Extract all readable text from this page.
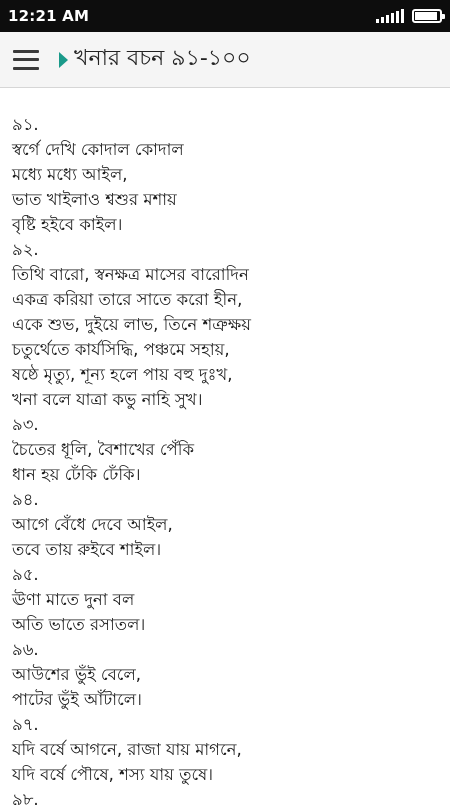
12:21 AM
খনার বচন ৯১-১০০
৯১.
স্বর্গে দেখি কোদাল কোদাল
মধ্যে মধ্যে আইল,
ভাত খাইলাও শ্বশুর মশায়
বৃষ্টি হইবে কাইল।
৯২.
তিথি বারো, স্বনক্ষত্র মাসের বারোদিন
একত্র করিয়া তারে সাতে করো হীন,
একে শুভ, দুইয়ে লাভ, তিনে শত্রুক্ষয়
চতুর্থেতে কার্যসিদ্ধি, পঞ্চমে সহায়,
ষষ্ঠে মৃত্যু, শূন্য হলে পায় বহু দুঃখ,
খনা বলে যাত্রা কভু নাহি সুখ।
৯৩.
চৈতের ধূলি, বৈশাখের পেঁকি
ধান হয় ঢেঁকি ঢেঁকি।
৯৪.
আগে বেঁধে দেবে আইল,
তবে তায় রুইবে শাইল।
৯৫.
ঊণা মাতে দুনা বল
অতি ভাতে রসাতল।
৯৬.
আউশের ভুঁই বেলে,
পাটের ভুঁই আঁটালে।
৯৭.
যদি বর্ষে আগনে, রাজা যায় মাগনে,
যদি বর্ষে পৌষে, শস্য যায় তুষে।
৯৮.
